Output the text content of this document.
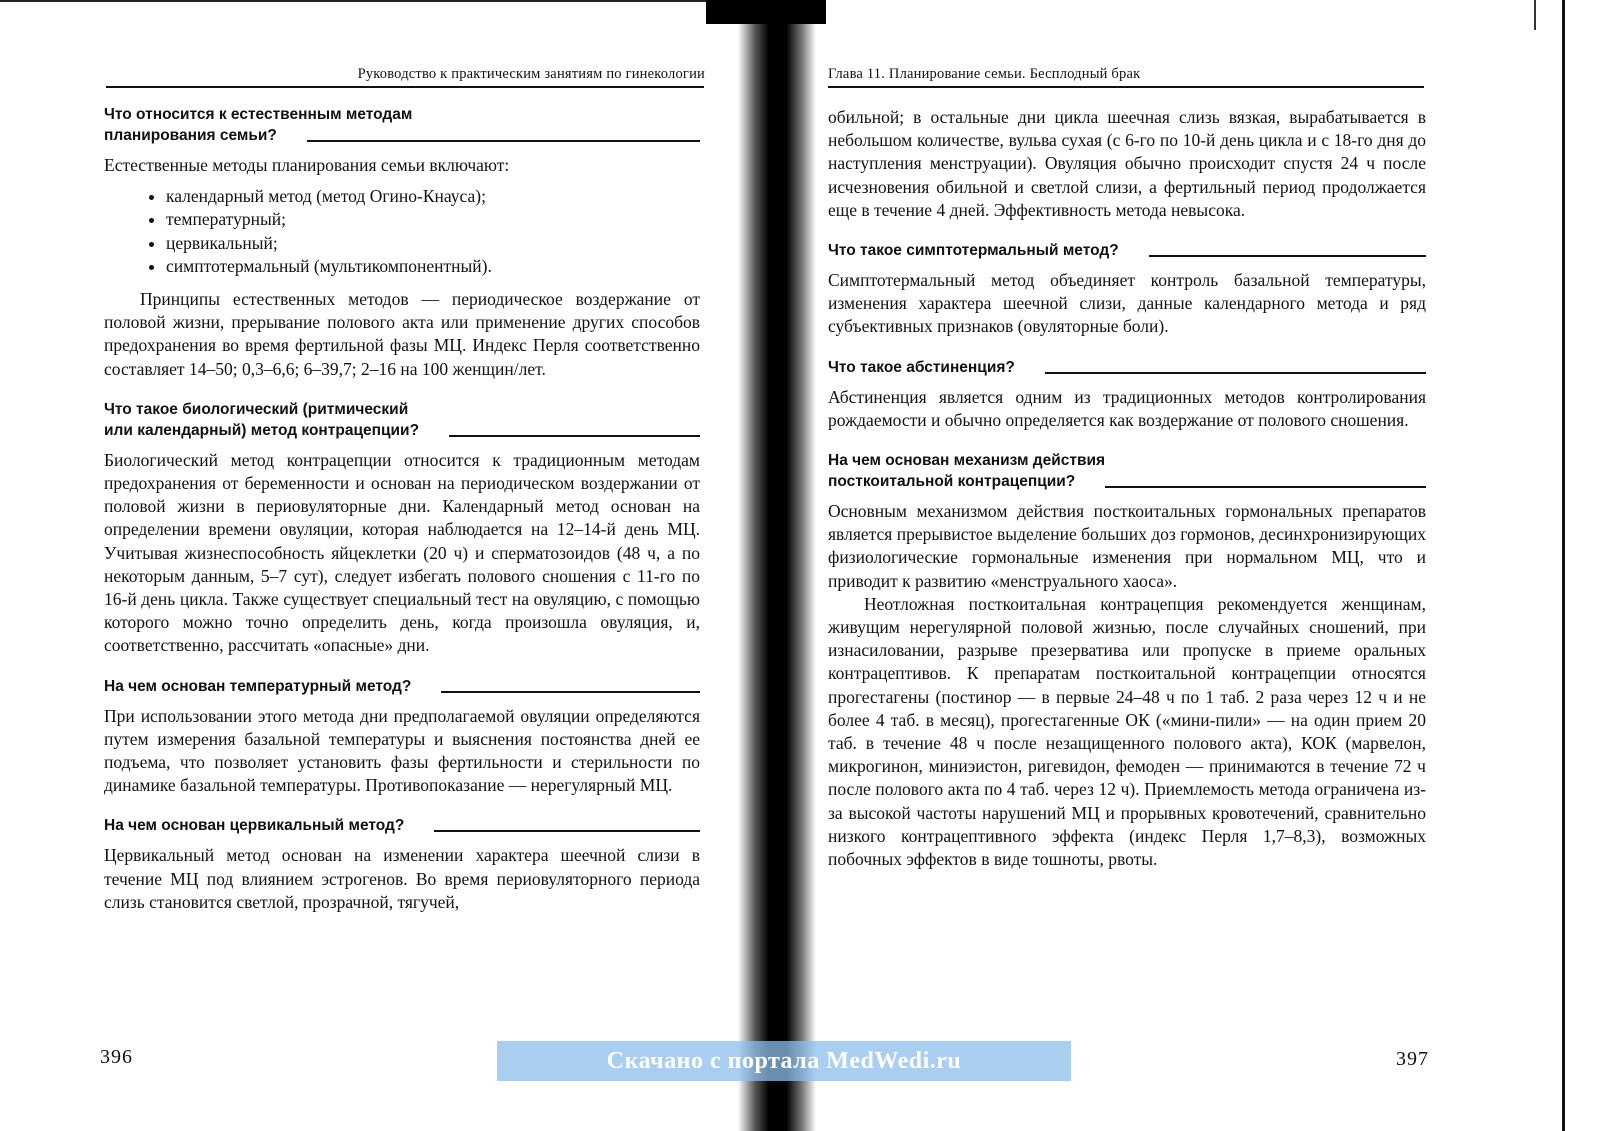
Руководство к практическим занятиям по гинекологии
Что относится к естественным методам
планирования семьи?

Естественные методы планирования семьи включают:

• календарный метод (метод Огино-Кнауса);
• температурный;
• цервикальный;
• симптотермальный (мультикомпонентный).

Принципы естественных методов — периодическое воздержание от половой жизни, прерывание полового акта или применение других способов предохранения во время фертильной фазы МЦ. Индекс Перля соответственно составляет 14–50; 0,3–6,6; 6–39,7; 2–16 на 100 женщин/лет.

Что такое биологический (ритмический
или календарный) метод контрацепции?

Биологический метод контрацепции относится к традиционным методам предохранения от беременности и основан на периодическом воздержании от половой жизни в периовуляторные дни. Календарный метод основан на определении времени овуляции, которая наблюдается на 12–14-й день МЦ. Учитывая жизнеспособность яйцеклетки (20 ч) и сперматозоидов (48 ч, а по некоторым данным, 5–7 сут), следует избегать полового сношения с 11-го по 16-й день цикла. Также существует специальный тест на овуляцию, с помощью которого можно точно определить день, когда произошла овуляция, и, соответственно, рассчитать «опасные» дни.

На чем основан температурный метод?

При использовании этого метода дни предполагаемой овуляции определяются путем измерения базальной температуры и выяснения постоянства дней ее подъема, что позволяет установить фазы фертильности и стерильности по динамике базальной температуры. Противопоказание — нерегулярный МЦ.

На чем основан цервикальный метод?

Цервикальный метод основан на изменении характера шеечной слизи в течение МЦ под влиянием эстрогенов. Во время периовуляторного периода слизь становится светлой, прозрачной, тягучей,

396
Глава 11. Планирование семьи. Бесплодный брак

обильной; в остальные дни цикла шеечная слизь вязкая, вырабатывается в небольшом количестве, вульва сухая (с 6-го по 10-й день цикла и с 18-го дня до наступления менструации). Овуляция обычно происходит спустя 24 ч после исчезновения обильной и светлой слизи, а фертильный период продолжается еще в течение 4 дней. Эффективность метода невысока.

Что такое симптотермальный метод?

Симптотермальный метод объединяет контроль базальной температуры, изменения характера шеечной слизи, данные календарного метода и ряд субъективных признаков (овуляторные боли).

Что такое абстиненция?

Абстиненция является одним из традиционных методов контролирования рождаемости и обычно определяется как воздержание от полового сношения.

На чем основан механизм действия
посткоитальной контрацепции?

Основным механизмом действия посткоитальных гормональных препаратов является прерывистое выделение больших доз гормонов, десинхронизирующих физиологические гормональные изменения при нормальном МЦ, что и приводит к развитию «менструального хаоса».

Неотложная посткоитальная контрацепция рекомендуется женщинам, живущим нерегулярной половой жизнью, после случайных сношений, при изнасиловании, разрыве презерватива или пропуске в приеме оральных контрацептивов. К препаратам посткоитальной контрацепции относятся прогестагены (постинор — в первые 24–48 ч по 1 таб. 2 раза через 12 ч и не более 4 таб. в месяц), прогестагенные ОК («мини-пили» — на один прием 20 таб. в течение 48 ч после незащищенного полового акта), КОК (марвелон, микрогинон, миниэистон, ригевидон, фемоден — принимаются в течение 72 ч после полового акта по 4 таб. через 12 ч). Приемлемость метода ограничена из-за высокой частоты нарушений МЦ и прорывных кровотечений, сравнительно низкого контрацептивного эффекта (индекс Перля 1,7–8,3), возможных побочных эффектов в виде тошноты, рвоты.

397
Скачано с портала MedWedi.ru
